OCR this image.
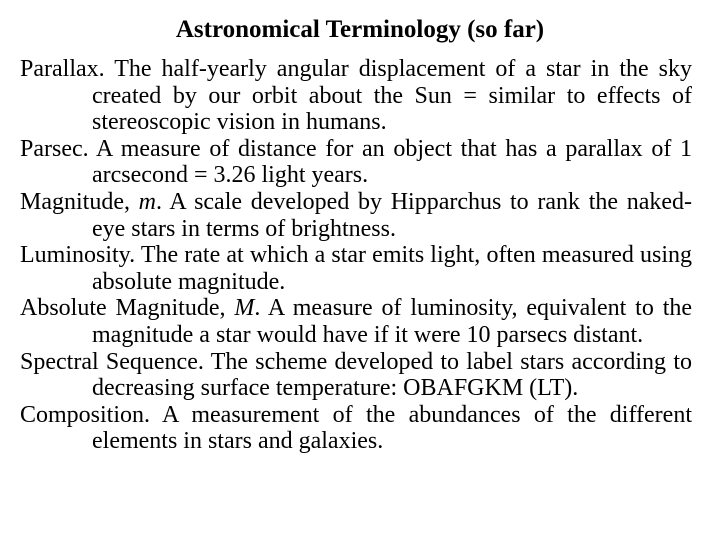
Astronomical Terminology (so far)
Parallax. The half-yearly angular displacement of a star in the sky created by our orbit about the Sun = similar to effects of stereoscopic vision in humans.
Parsec. A measure of distance for an object that has a parallax of 1 arcsecond = 3.26 light years.
Magnitude, m. A scale developed by Hipparchus to rank the naked-eye stars in terms of brightness.
Luminosity. The rate at which a star emits light, often measured using absolute magnitude.
Absolute Magnitude, M. A measure of luminosity, equivalent to the magnitude a star would have if it were 10 parsecs distant.
Spectral Sequence. The scheme developed to label stars according to decreasing surface temperature: OBAFGKM (LT).
Composition. A measurement of the abundances of the different elements in stars and galaxies.
